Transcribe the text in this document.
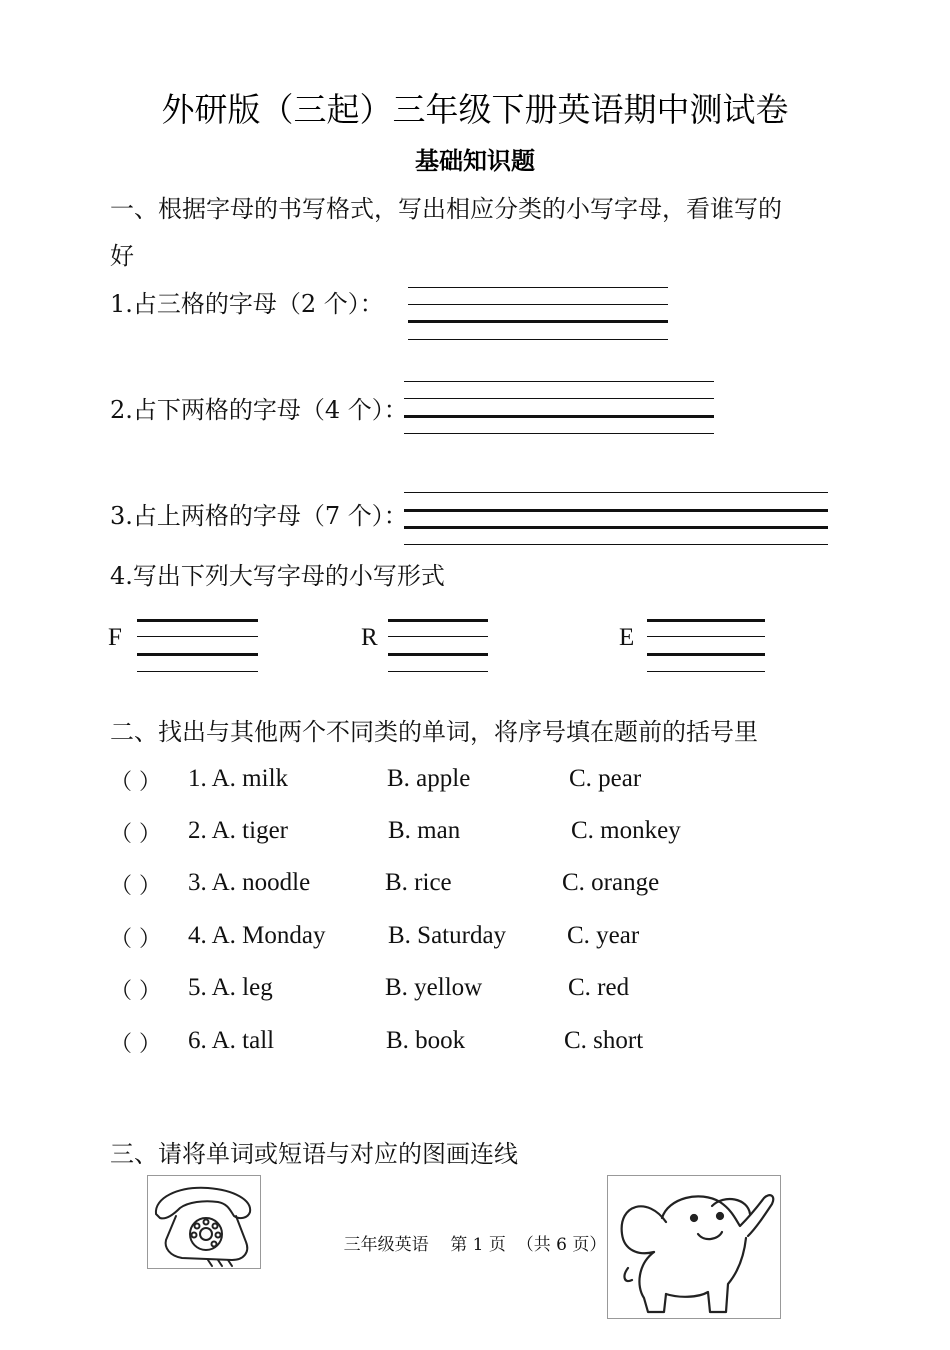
外研版（三起）三年级下册英语期中测试卷
基础知识题
一、根据字母的书写格式，写出相应分类的小写字母，看谁写的
好
1.占三格的字母（2 个）：
2.占下两格的字母（4 个）：
3.占上两格的字母（7 个）：
4.写出下列大写字母的小写形式
F	R	E
二、找出与其他两个不同类的单词，将序号填在题前的括号里
（ ） 1. A. milk	B. apple	C. pear
（ ） 2. A. tiger	B. man	C. monkey
（ ） 3. A. noodle	B. rice	C. orange
（ ） 4. A. Monday	B. Saturday C. year
（ ） 5. A. leg	B. yellow	C. red
（ ） 6. A. tall	B. book	C. short
三、请将单词或短语与对应的图画连线
三年级英语    第 1 页  （共 6 页）
